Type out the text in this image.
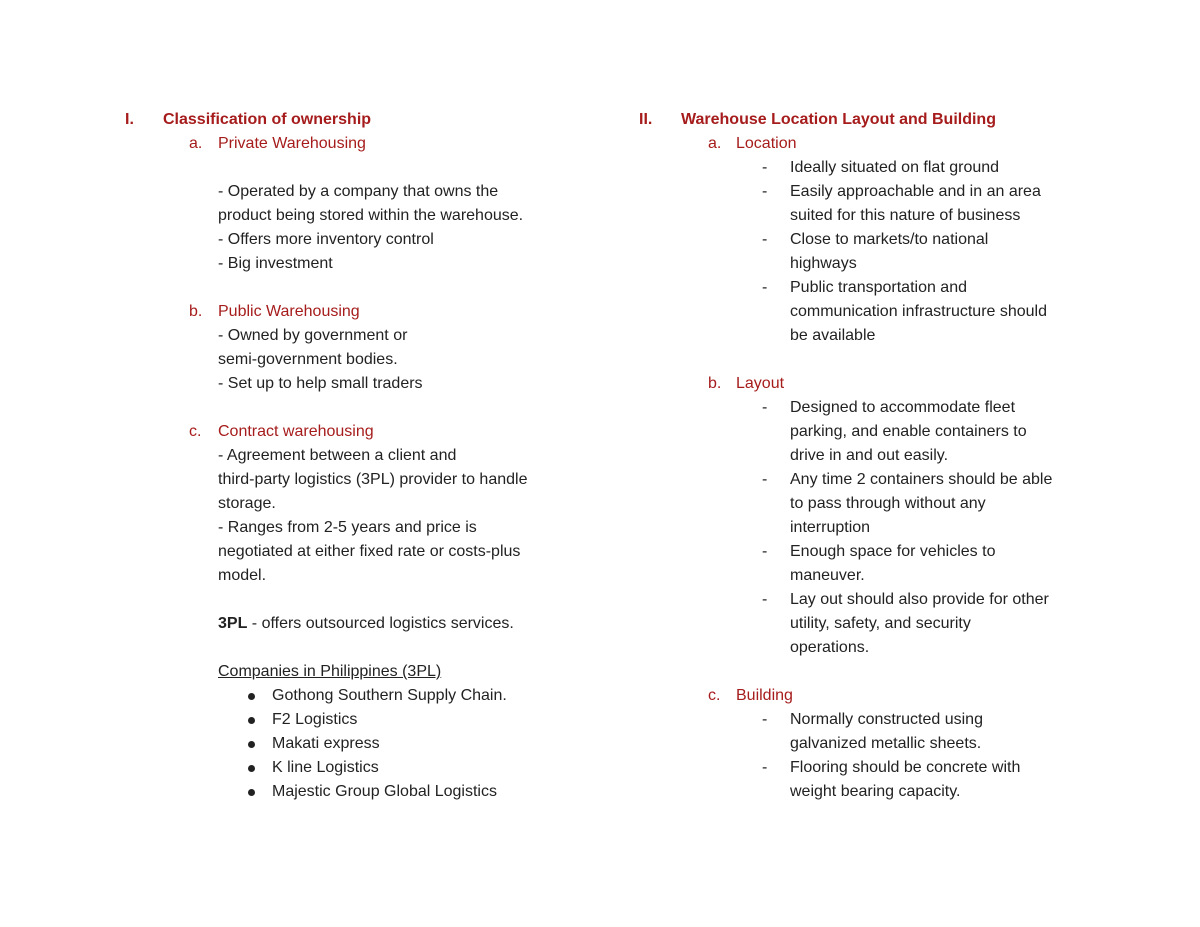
I. Classification of ownership
a. Private Warehousing
- Operated by a company that owns the
product being stored within the warehouse.
- Offers more inventory control
- Big investment
b. Public Warehousing
- Owned by government or
semi-government bodies.
- Set up to help small traders
c. Contract warehousing
- Agreement between a client and
third-party logistics (3PL) provider to handle
storage.
- Ranges from 2-5 years and price is
negotiated at either fixed rate or costs-plus
model.
3PL - offers outsourced logistics services.
Companies in Philippines (3PL)
Gothong Southern Supply Chain.
F2 Logistics
Makati express
K line Logistics
Majestic Group Global Logistics
II. Warehouse Location Layout and Building
a. Location
- Ideally situated on flat ground
- Easily approachable and in an area
suited for this nature of business
- Close to markets/to national
highways
- Public transportation and
communication infrastructure should
be available
b. Layout
- Designed to accommodate fleet
parking, and enable containers to
drive in and out easily.
- Any time 2 containers should be able
to pass through without any
interruption
- Enough space for vehicles to
maneuver.
- Lay out should also provide for other
utility, safety, and security
operations.
c. Building
- Normally constructed using
galvanized metallic sheets.
- Flooring should be concrete with
weight bearing capacity.
